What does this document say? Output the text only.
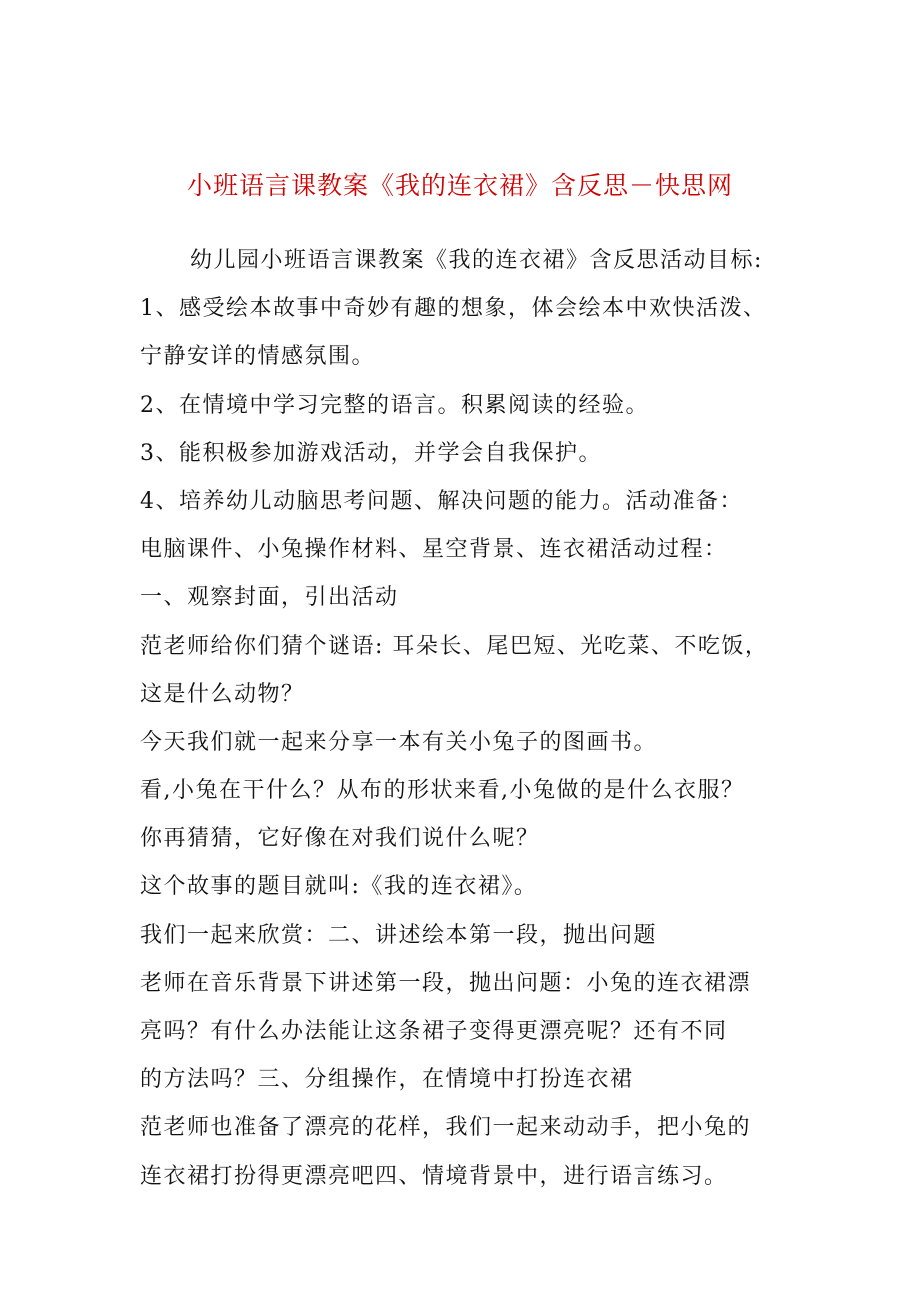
小班语言课教案《我的连衣裙》含反思－快思网
幼儿园小班语言课教案《我的连衣裙》含反思活动目标:
1、感受绘本故事中奇妙有趣的想象，体会绘本中欢快活泼、
宁静安详的情感氛围。
2、在情境中学习完整的语言。积累阅读的经验。
3、能积极参加游戏活动，并学会自我保护。
4、培养幼儿动脑思考问题、解决问题的能力。活动准备：
电脑课件、小兔操作材料、星空背景、连衣裙活动过程：
一、观察封面，引出活动
范老师给你们猜个谜语: 耳朵长、尾巴短、光吃菜、不吃饭，
这是什么动物？
今天我们就一起来分享一本有关小兔子的图画书。
看,小兔在干什么？从布的形状来看,小兔做的是什么衣服？
你再猜猜，它好像在对我们说什么呢？
这个故事的题目就叫:《我的连衣裙》。
我们一起来欣赏：二、讲述绘本第一段，抛出问题
老师在音乐背景下讲述第一段，抛出问题：小兔的连衣裙漂
亮吗？有什么办法能让这条裙子变得更漂亮呢？还有不同
的方法吗？三、分组操作，在情境中打扮连衣裙
范老师也准备了漂亮的花样，我们一起来动动手，把小兔的
连衣裙打扮得更漂亮吧四、情境背景中，进行语言练习。
